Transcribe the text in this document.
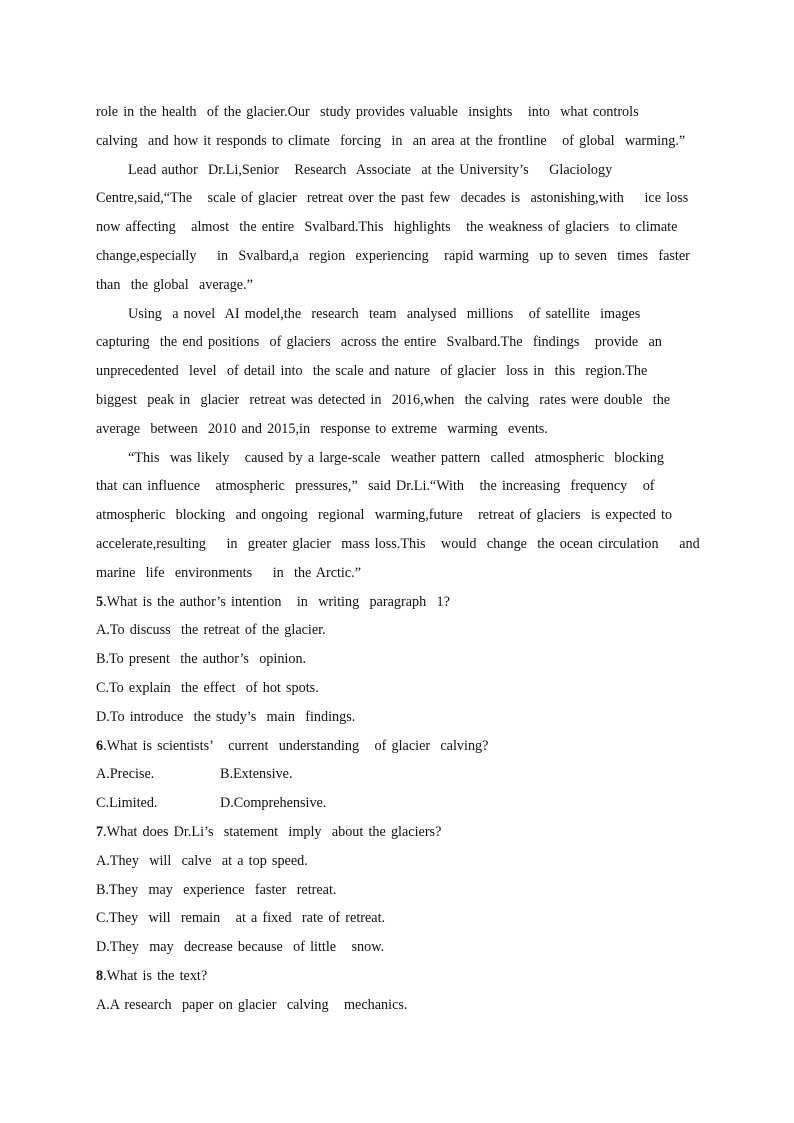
role in the health  of the glacier.Our  study provides valuable  insights   into  what controls
calving  and how it responds to climate  forcing  in  an area at the frontline   of global  warming.”
Lead author  Dr.Li,Senior   Research  Associate  at the University’s    Glaciology
Centre,said,“The   scale of glacier  retreat over the past few  decades is  astonishing,with    ice loss
now affecting   almost  the entire  Svalbard.This  highlights   the weakness of glaciers  to climate
change,especially    in  Svalbard,a  region  experiencing   rapid warming  up to seven  times  faster
than  the global  average.”
Using  a novel  AI model,the  research  team  analysed  millions   of satellite  images
capturing  the end positions  of glaciers  across the entire  Svalbard.The  findings   provide  an
unprecedented  level  of detail into  the scale and nature  of glacier  loss in  this  region.The
biggest  peak in  glacier  retreat was detected in  2016,when  the calving  rates were double  the
average  between  2010 and 2015,in  response to extreme  warming  events.
“This  was likely   caused by a large-scale  weather pattern  called  atmospheric  blocking
that can influence   atmospheric  pressures,”  said Dr.Li.“With   the increasing  frequency   of
atmospheric  blocking  and ongoing  regional  warming,future   retreat of glaciers  is expected to
accelerate,resulting    in  greater glacier  mass loss.This   would  change  the ocean circulation    and
marine  life  environments    in  the Arctic.”
5.What is the author’s intention   in  writing  paragraph  1?
A.To discuss  the retreat of the glacier.
B.To present  the author’s  opinion.
C.To explain  the effect  of hot spots.
D.To introduce  the study’s  main  findings.
6.What is scientists’   current  understanding   of glacier  calving?
A.Precise.	B.Extensive.
C.Limited.	D.Comprehensive.
7.What does Dr.Li’s  statement  imply  about the glaciers?
A.They  will  calve  at a top speed.
B.They  may  experience  faster  retreat.
C.They  will  remain   at a fixed  rate of retreat.
D.They  may  decrease because  of little   snow.
8.What is the text?
A.A research  paper on glacier  calving   mechanics.
